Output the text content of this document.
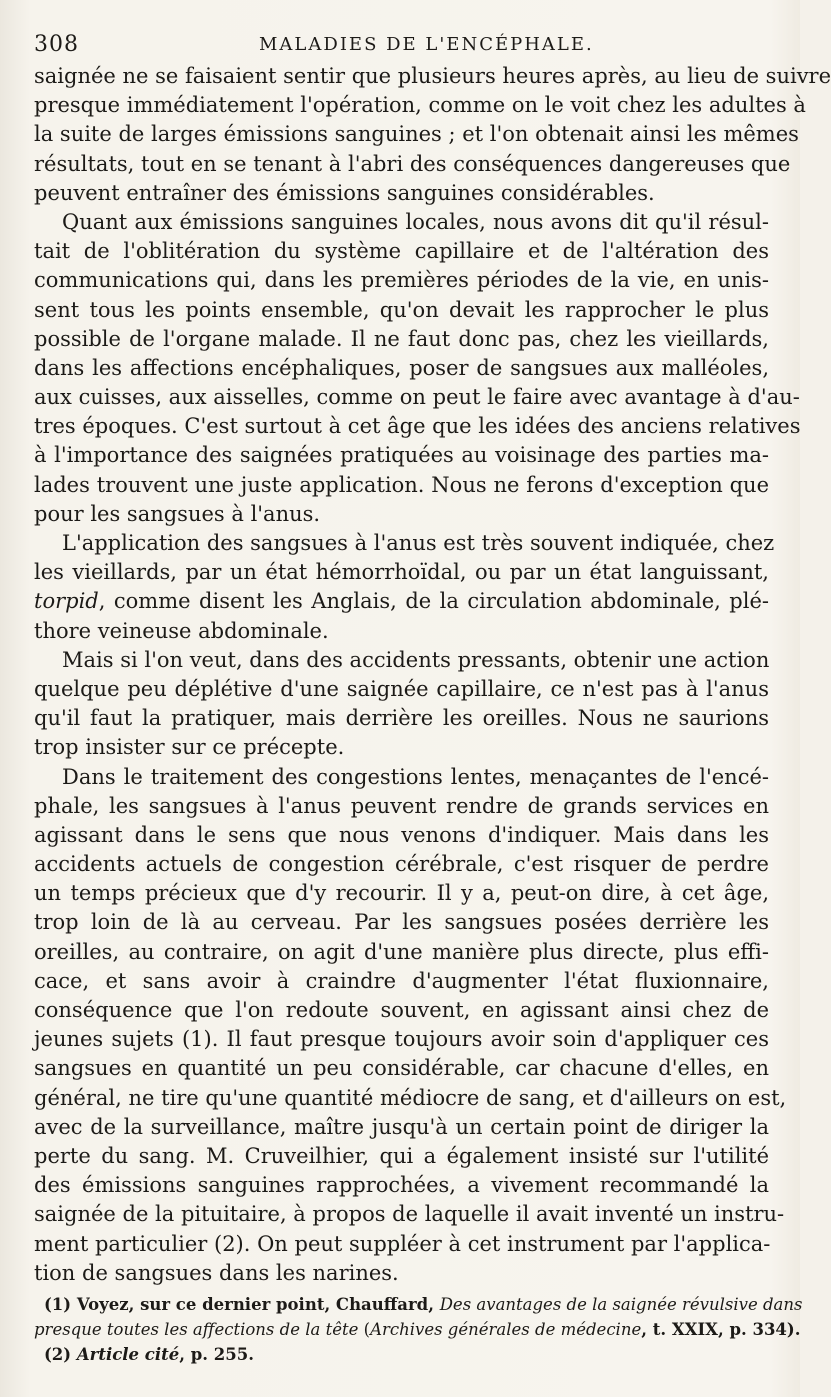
308	MALADIES DE L'ENCÉPHALE.
saignée ne se faisaient sentir que plusieurs heures après, au lieu de suivre
presque immédiatement l'opération, comme on le voit chez les adultes à
la suite de larges émissions sanguines ; et l'on obtenait ainsi les mêmes
résultats, tout en se tenant à l'abri des conséquences dangereuses que
peuvent entraîner des émissions sanguines considérables.
Quant aux émissions sanguines locales, nous avons dit qu'il résul-
tait de l'oblitération du système capillaire et de l'altération des
communications qui, dans les premières périodes de la vie, en unis-
sent tous les points ensemble, qu'on devait les rapprocher le plus
possible de l'organe malade. Il ne faut donc pas, chez les vieillards,
dans les affections encéphaliques, poser de sangsues aux malléoles,
aux cuisses, aux aisselles, comme on peut le faire avec avantage à d'au-
tres époques. C'est surtout à cet âge que les idées des anciens relatives
à l'importance des saignées pratiquées au voisinage des parties ma-
lades trouvent une juste application. Nous ne ferons d'exception que
pour les sangsues à l'anus.
L'application des sangsues à l'anus est très souvent indiquée, chez
les vieillards, par un état hémorrhoïdal, ou par un état languissant,
torpid, comme disent les Anglais, de la circulation abdominale, plé-
thore veineuse abdominale.
Mais si l'on veut, dans des accidents pressants, obtenir une action
quelque peu déplétive d'une saignée capillaire, ce n'est pas à l'anus
qu'il faut la pratiquer, mais derrière les oreilles. Nous ne saurions
trop insister sur ce précepte.
Dans le traitement des congestions lentes, menaçantes de l'encé-
phale, les sangsues à l'anus peuvent rendre de grands services en
agissant dans le sens que nous venons d'indiquer. Mais dans les
accidents actuels de congestion cérébrale, c'est risquer de perdre
un temps précieux que d'y recourir. Il y a, peut-on dire, à cet âge,
trop loin de là au cerveau. Par les sangsues posées derrière les
oreilles, au contraire, on agit d'une manière plus directe, plus effi-
cace, et sans avoir à craindre d'augmenter l'état fluxionnaire,
conséquence que l'on redoute souvent, en agissant ainsi chez de
jeunes sujets (1). Il faut presque toujours avoir soin d'appliquer ces
sangsues en quantité un peu considérable, car chacune d'elles, en
général, ne tire qu'une quantité médiocre de sang, et d'ailleurs on est,
avec de la surveillance, maître jusqu'à un certain point de diriger la
perte du sang. M. Cruveilhier, qui a également insisté sur l'utilité
des émissions sanguines rapprochées, a vivement recommandé la
saignée de la pituitaire, à propos de laquelle il avait inventé un instru-
ment particulier (2). On peut suppléer à cet instrument par l'applica-
tion de sangsues dans les narines.
(1) Voyez, sur ce dernier point, Chauffard, Des avantages de la saignée révulsive dans
presque toutes les affections de la tête (Archives générales de médecine, t. XXIX, p. 334).
(2) Article cité, p. 255.
